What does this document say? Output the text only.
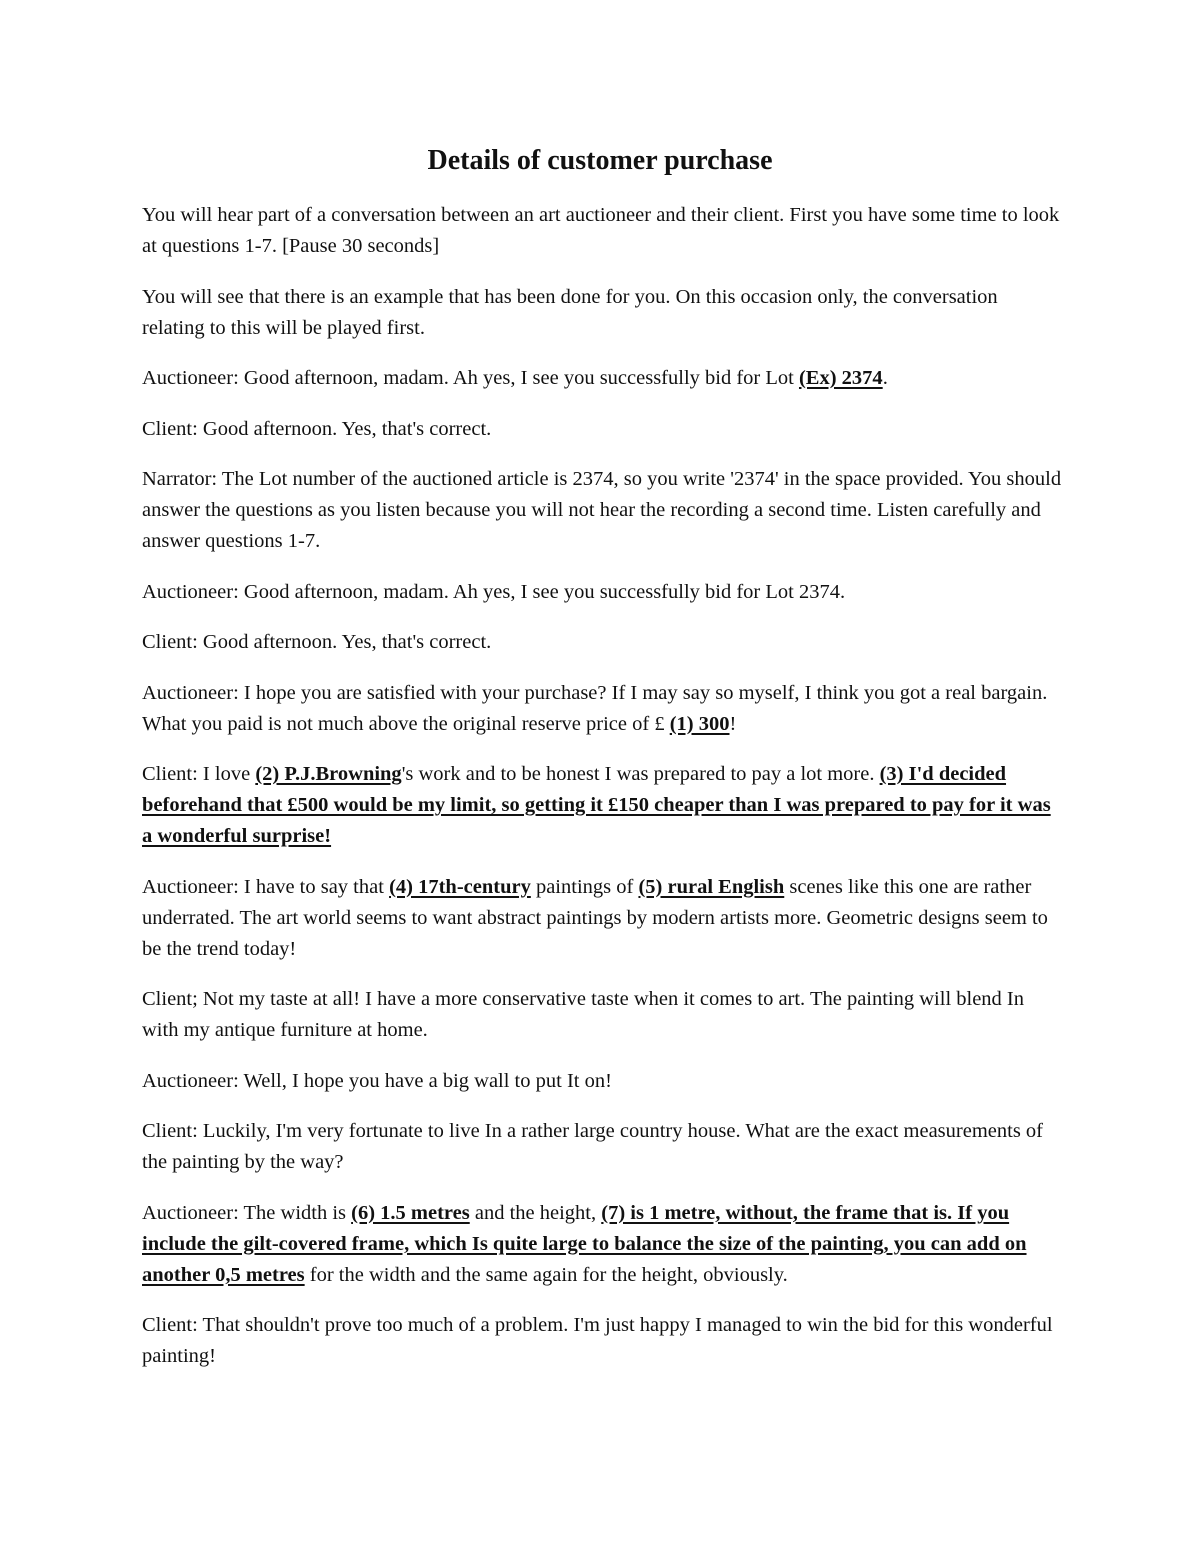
Details of customer purchase

You will hear part of a conversation between an art auctioneer and their client. First you have some time to look at questions 1-7. [Pause 30 seconds]

You will see that there is an example that has been done for you. On this occasion only, the conversation relating to this will be played first.

Auctioneer: Good afternoon, madam. Ah yes, I see you successfully bid for Lot (Ex) 2374.

Client: Good afternoon. Yes, that's correct.

Narrator: The Lot number of the auctioned article is 2374, so you write '2374' in the space provided. You should answer the questions as you listen because you will not hear the recording a second time. Listen carefully and answer questions 1-7.

Auctioneer: Good afternoon, madam. Ah yes, I see you successfully bid for Lot 2374.

Client: Good afternoon. Yes, that's correct.

Auctioneer: I hope you are satisfied with your purchase? If I may say so myself, I think you got a real bargain. What you paid is not much above the original reserve price of £ (1) 300!

Client: I love (2) P.J.Browning's work and to be honest I was prepared to pay a lot more. (3) I'd decided beforehand that £500 would be my limit, so getting it £150 cheaper than I was prepared to pay for it was a wonderful surprise!

Auctioneer: I have to say that (4) 17th-century paintings of (5) rural English scenes like this one are rather underrated. The art world seems to want abstract paintings by modern artists more. Geometric designs seem to be the trend today!

Client; Not my taste at all! I have a more conservative taste when it comes to art. The painting will blend In with my antique furniture at home.

Auctioneer: Well, I hope you have a big wall to put It on!

Client: Luckily, I'm very fortunate to live In a rather large country house. What are the exact measurements of the painting by the way?

Auctioneer: The width is (6) 1.5 metres and the height, (7) is 1 metre, without, the frame that is. If you include the gilt-covered frame, which Is quite large to balance the size of the painting, you can add on another 0,5 metres for the width and the same again for the height, obviously.

Client: That shouldn't prove too much of a problem. I'm just happy I managed to win the bid for this wonderful painting!
